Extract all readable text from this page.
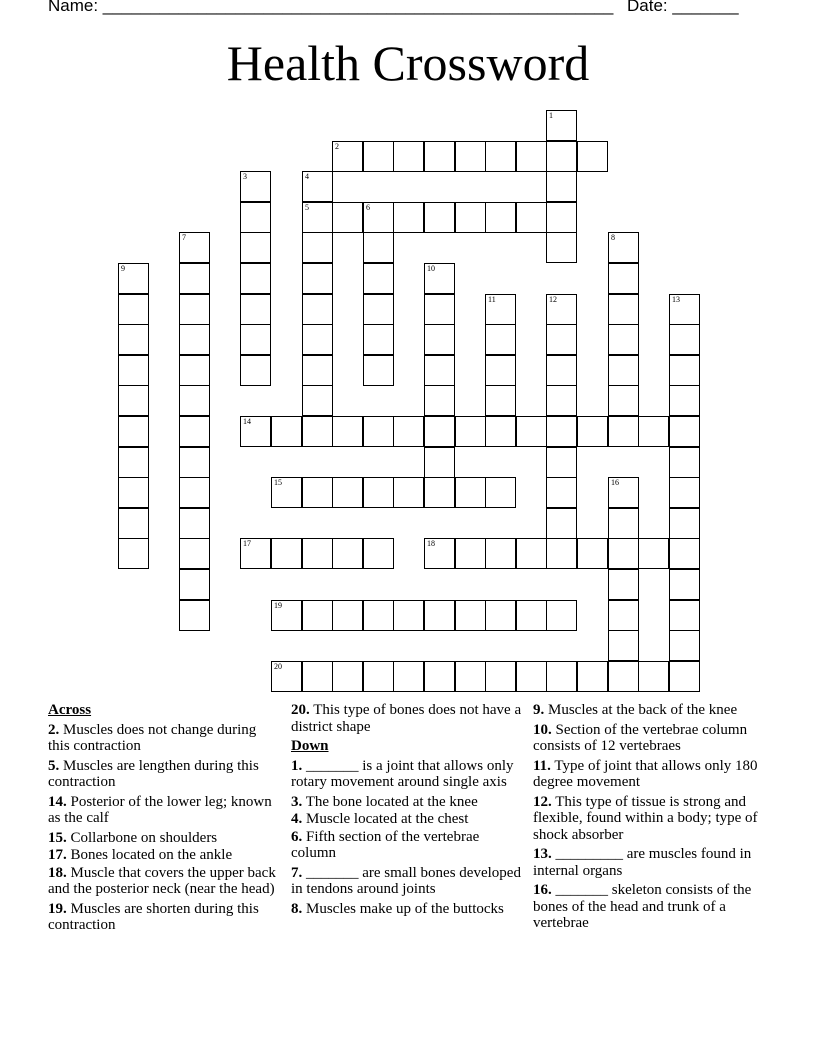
Name: ______________________________________________________ Date: _______
Health Crossword
1
2
3	4
5	6
7	8
9	10
11	12	13
14
15	16
17	18
19
20
Across
2. Muscles does not change during this contraction
5. Muscles are lengthen during this contraction
14. Posterior of the lower leg; known as the calf
15. Collarbone on shoulders
17. Bones located on the ankle
18. Muscle that covers the upper back and the posterior neck (near the head)
19. Muscles are shorten during this contraction
20. This type of bones does not have a district shape
Down
1. _______ is a joint that allows only rotary movement around single axis
3. The bone located at the knee
4. Muscle located at the chest
6. Fifth section of the vertebrae column
7. _______ are small bones developed in tendons around joints
8. Muscles make up of the buttocks
9. Muscles at the back of the knee
10. Section of the vertebrae column consists of 12 vertebraes
11. Type of joint that allows only 180 degree movement
12. This type of tissue is strong and flexible, found within a body; type of shock absorber
13. _________ are muscles found in internal organs
16. _______ skeleton consists of the bones of the head and trunk of a vertebrae
